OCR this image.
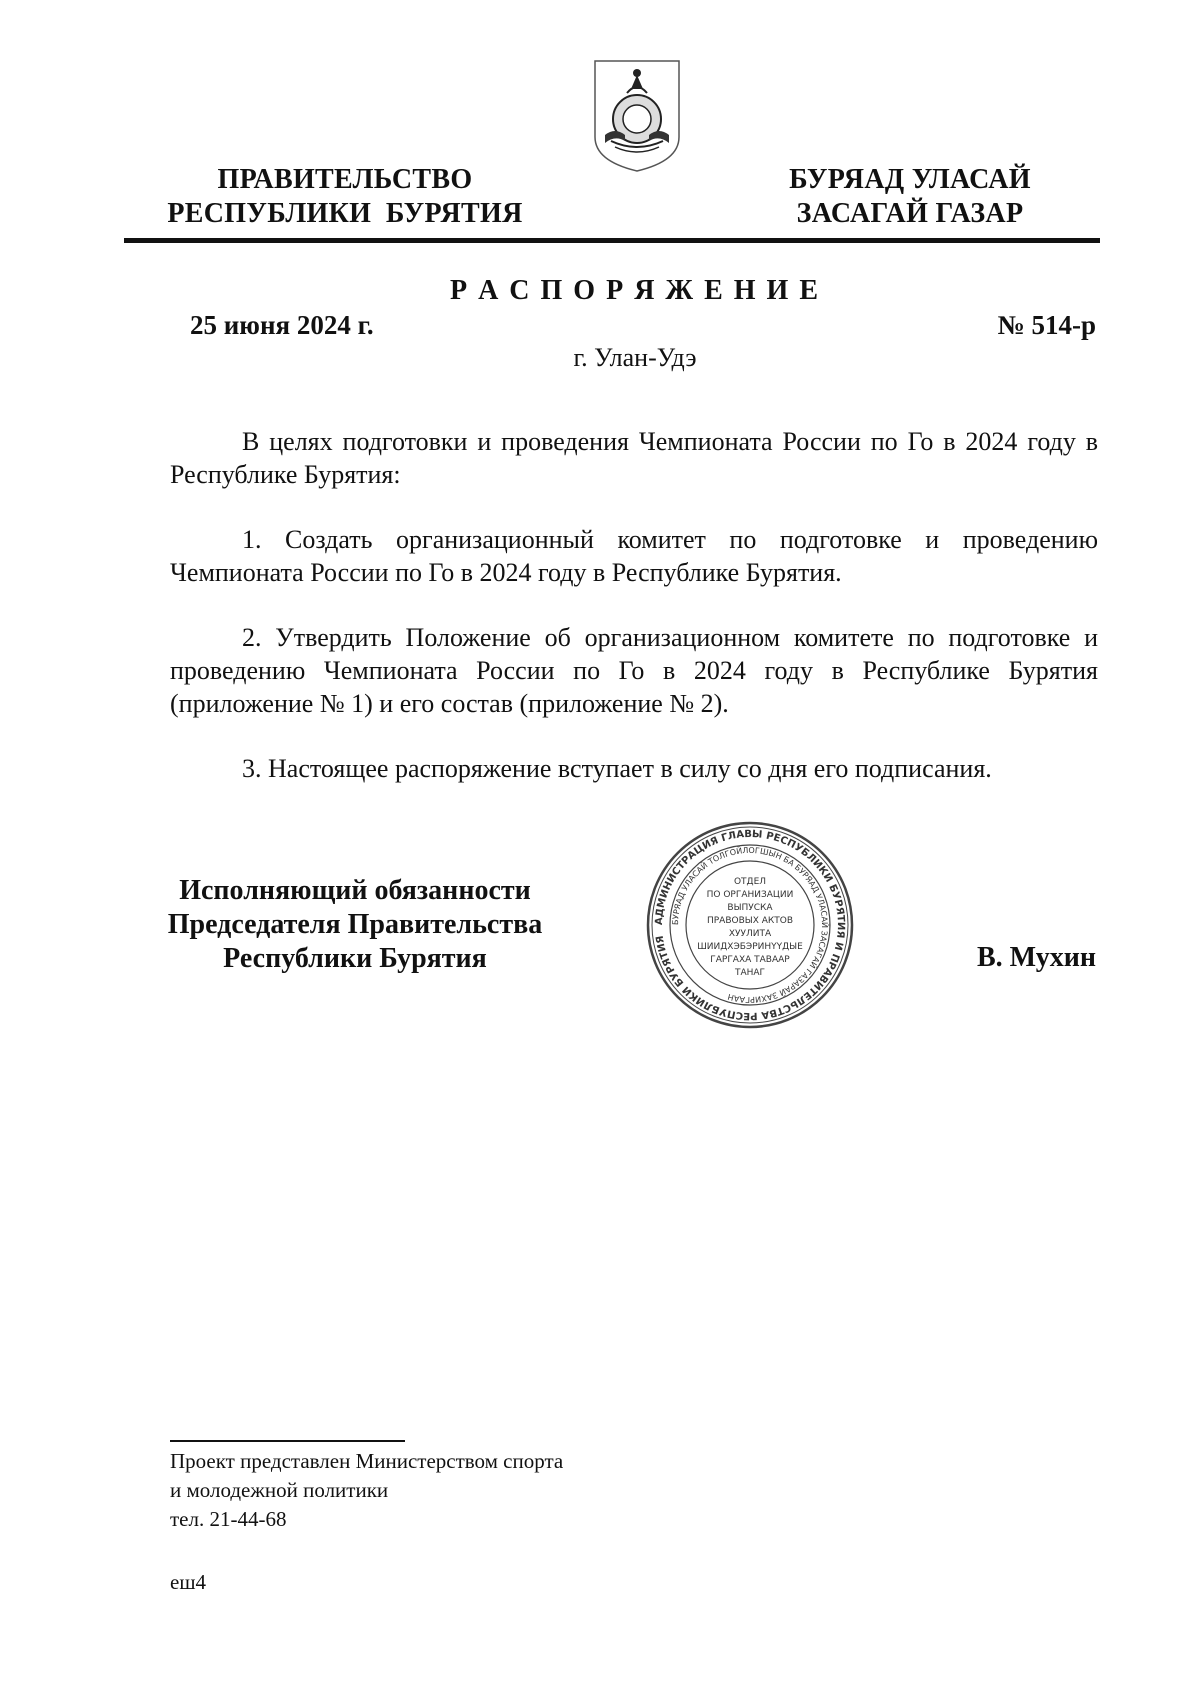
ПРАВИТЕЛЬСТВО
РЕСПУБЛИКИ  БУРЯТИЯ
БУРЯАД УЛАСАЙ
ЗАСАГАЙ ГАЗАР
Р А С П О Р Я Ж Е Н И Е
25 июня 2024 г.	№ 514-р
г. Улан-Удэ

В целях подготовки и проведения Чемпионата России по Го в 2024 году в Республике Бурятия:

1. Создать организационный комитет по подготовке и проведению Чемпионата России по Го в 2024 году в Республике Бурятия.

2. Утвердить Положение об организационном комитете по подготовке и проведению Чемпионата России по Го в 2024 году в Республике Бурятия (приложение № 1) и его состав (приложение № 2).

3. Настоящее распоряжение вступает в силу со дня его подписания.

Исполняющий обязанности
Председателя Правительства
Республики Бурятия	В. Мухин
АДМИНИСТРАЦИЯ ГЛАВЫ РЕСПУБЛИКИ БУРЯТИЯ И ПРАВИТЕЛЬСТВА РЕСПУБЛИКИ БУРЯТИЯ
БУРЯАД УЛАСАЙ ТОЛГОЙЛОГШЫН БА БУРЯАД УЛАСАЙ ЗАСАГАЙ ГАЗАРАЙ ЗАХИРГААН
ОТДЕЛ
ПО ОРГАНИЗАЦИИ
ВЫПУСКА
ПРАВОВЫХ АКТОВ
ХУУЛИТА
ШИИДХЭБЭРИНҮҮДЫЕ
ГАРГАХА ТАВААР
ТАНАГ
Проект представлен Министерством спорта
и молодежной политики
тел. 21-44-68
еш4
